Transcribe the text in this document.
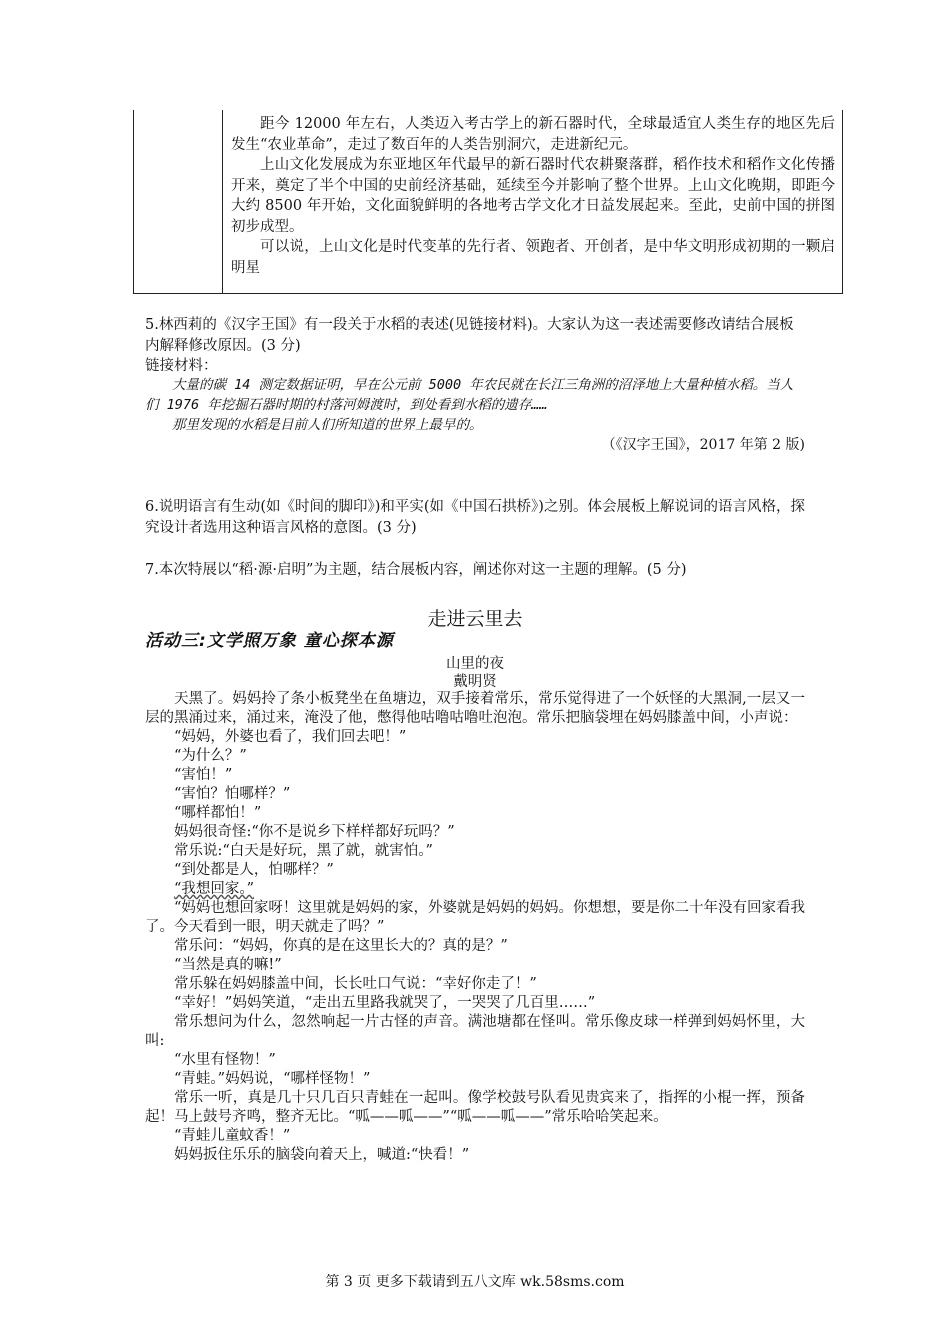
距今 12000 年左右，人类迈入考古学上的新石器时代，全球最适宜人类生存的地区先后发生“农业革命”，走过了数百年的人类告别洞穴，走进新纪元。

上山文化发展成为东亚地区年代最早的新石器时代农耕聚落群，稻作技术和稻作文化传播开来，奠定了半个中国的史前经济基础，延续至今并影响了整个世界。上山文化晚期，即距今大约 8500 年开始，文化面貌鲜明的各地考古学文化才日益发展起来。至此，史前中国的拼图初步成型。

可以说，上山文化是时代变革的先行者、领跑者、开创者，是中华文明形成初期的一颗启明星

5.林西莉的《汉字王国》有一段关于水稻的表述(见链接材料)。大家认为这一表述需要修改请结合展板内解释修改原因。(3 分)

链接材料：

大量的碳 14 测定数据证明，早在公元前 5000 年农民就在长江三角洲的沼泽地上大量种植水稻。当人们 1976 年挖掘石器时期的村落河姆渡时，到处看到水稻的遗存……

那里发现的水稻是目前人们所知道的世界上最早的。

（《汉字王国》，2017 年第 2 版)

6.说明语言有生动(如《时间的脚印》)和平实(如《中国石拱桥》)之别。体会展板上解说词的语言风格，探究设计者选用这种语言风格的意图。(3 分)

7.本次特展以“稻·源·启明”为主题，结合展板内容，阐述你对这一主题的理解。(5 分)

走进云里去
活动三:文学照万象 童心探本源
山里的夜
戴明贤

天黑了。妈妈拎了条小板凳坐在鱼塘边，双手接着常乐，常乐觉得进了一个妖怪的大黑洞,一层又一层的黑涌过来，涌过来，淹没了他，憋得他咕噜咕噜吐泡泡。常乐把脑袋埋在妈妈膝盖中间，小声说：

“妈妈，外婆也看了，我们回去吧！”

“为什么？”

“害怕！”

“害怕？怕哪样？”

“哪样都怕！”

妈妈很奇怪:“你不是说乡下样样都好玩吗？”

常乐说:“白天是好玩，黑了就，就害怕。”

“到处都是人，怕哪样？”

“我想回家。”

“妈妈也想回家呀！这里就是妈妈的家，外婆就是妈妈的妈妈。你想想，要是你二十年没有回家看我了。今天看到一眼，明天就走了吗？”

常乐问：“妈妈，你真的是在这里长大的？真的是？”

“当然是真的嘛!”

常乐躲在妈妈膝盖中间，长长吐口气说：“幸好你走了！”

“幸好！”妈妈笑道，“走出五里路我就哭了，一哭哭了几百里……”

常乐想问为什么，忽然响起一片古怪的声音。满池塘都在怪叫。常乐像皮球一样弹到妈妈怀里，大叫:

“水里有怪物！”

“青蛙。”妈妈说，“哪样怪物！”

常乐一听，真是几十只几百只青蛙在一起叫。像学校鼓号队看见贵宾来了，指挥的小棍一挥，预备起！马上鼓号齐鸣，整齐无比。“呱——呱——”“呱——呱——”常乐哈哈笑起来。

“青蛙儿童蚊香！”

妈妈扳住乐乐的脑袋向着天上，喊道:“快看！”

第 3 页 更多下载请到五八文库 wk.58sms.com
